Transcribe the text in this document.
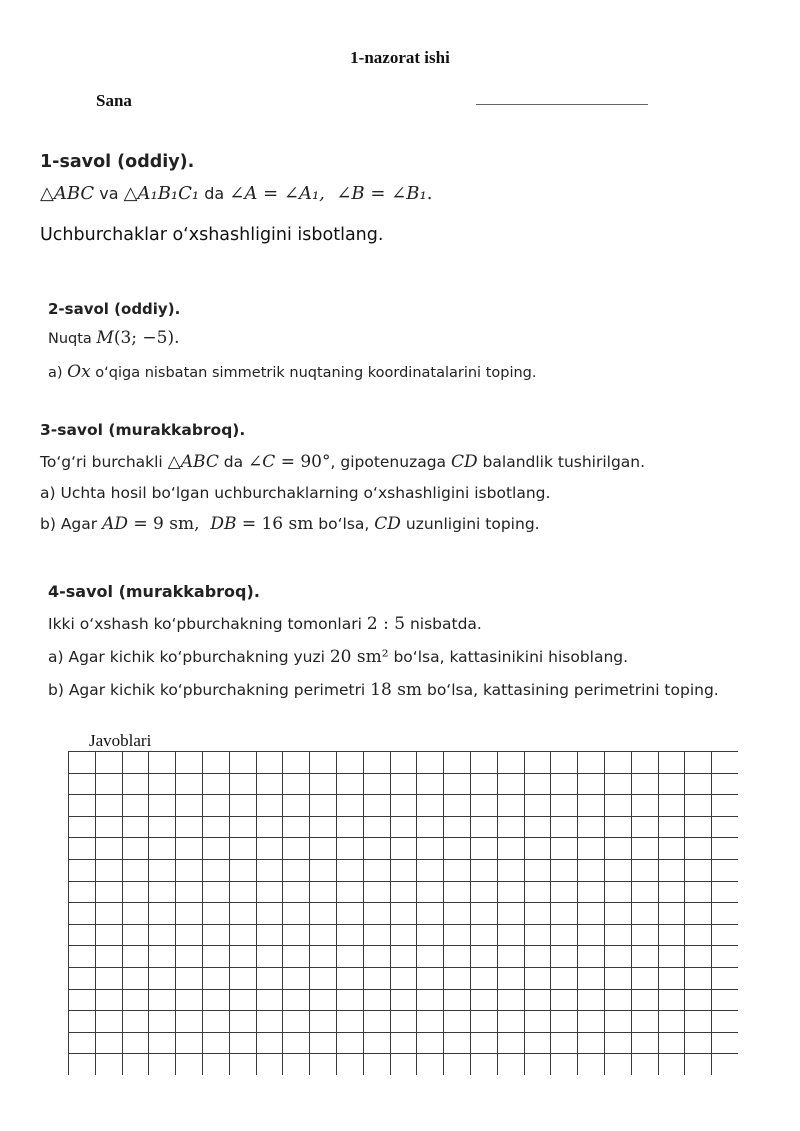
1-nazorat ishi
Sana
1-savol (oddiy).
△ABC va △A₁B₁C₁ da ∠A = ∠A₁,  ∠B = ∠B₁.
Uchburchaklar o‘xshashligini isbotlang.
2-savol (oddiy).
Nuqta M(3; −5).
a) Ox o‘qiga nisbatan simmetrik nuqtaning koordinatalarini toping.
3-savol (murakkabroq).
To‘g‘ri burchakli △ABC da ∠C = 90°, gipotenuzaga CD balandlik tushirilgan.
a) Uchta hosil bo‘lgan uchburchaklarning o‘xshashligini isbotlang.
b) Agar AD = 9 sm,  DB = 16 sm bo‘lsa, CD uzunligini toping.
4-savol (murakkabroq).
Ikki o‘xshash ko‘pburchakning tomonlari 2 : 5 nisbatda.
a) Agar kichik ko‘pburchakning yuzi 20 sm² bo‘lsa, kattasinikini hisoblang.
b) Agar kichik ko‘pburchakning perimetri 18 sm bo‘lsa, kattasining perimetrini toping.
Javoblari
